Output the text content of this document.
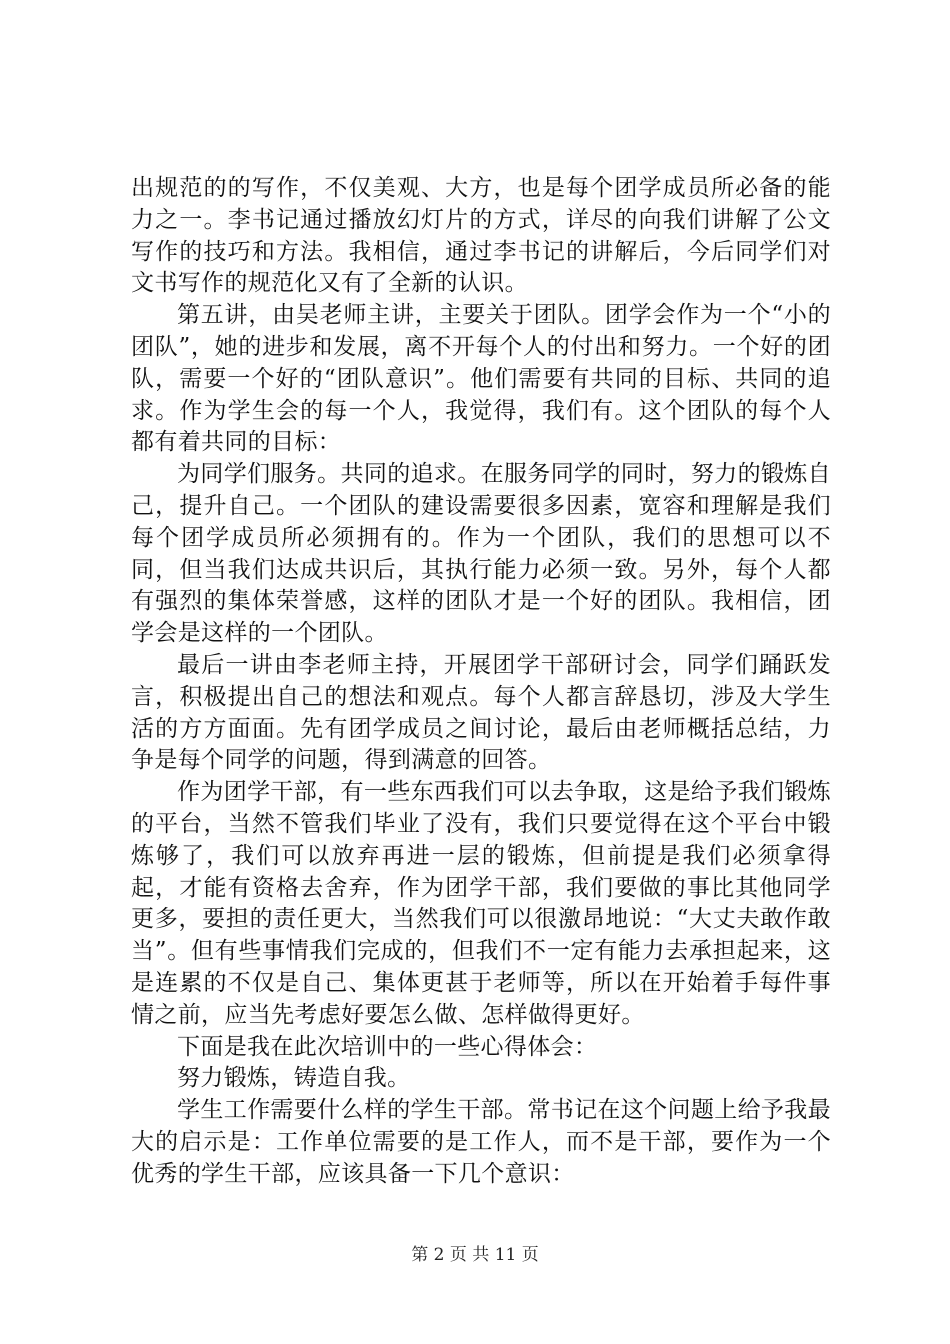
出规范的的写作，不仅美观、大方，也是每个团学成员所必备的能力之一。李书记通过播放幻灯片的方式，详尽的向我们讲解了公文写作的技巧和方法。我相信，通过李书记的讲解后，今后同学们对文书写作的规范化又有了全新的认识。

第五讲，由吴老师主讲，主要关于团队。团学会作为一个“小的团队”，她的进步和发展，离不开每个人的付出和努力。一个好的团队，需要一个好的“团队意识”。他们需要有共同的目标、共同的追求。作为学生会的每一个人，我觉得，我们有。这个团队的每个人都有着共同的目标：

为同学们服务。共同的追求。在服务同学的同时，努力的锻炼自己，提升自己。一个团队的建设需要很多因素，宽容和理解是我们每个团学成员所必须拥有的。作为一个团队，我们的思想可以不同，但当我们达成共识后，其执行能力必须一致。另外，每个人都有强烈的集体荣誉感，这样的团队才是一个好的团队。我相信，团学会是这样的一个团队。

最后一讲由李老师主持，开展团学干部研讨会，同学们踊跃发言，积极提出自己的想法和观点。每个人都言辞恳切，涉及大学生活的方方面面。先有团学成员之间讨论，最后由老师概括总结，力争是每个同学的问题，得到满意的回答。

作为团学干部，有一些东西我们可以去争取，这是给予我们锻炼的平台，当然不管我们毕业了没有，我们只要觉得在这个平台中锻炼够了，我们可以放弃再进一层的锻炼，但前提是我们必须拿得起，才能有资格去舍弃，作为团学干部，我们要做的事比其他同学更多，要担的责任更大，当然我们可以很激昂地说：“大丈夫敢作敢当”。但有些事情我们完成的，但我们不一定有能力去承担起来，这是连累的不仅是自己、集体更甚于老师等，所以在开始着手每件事情之前，应当先考虑好要怎么做、怎样做得更好。

下面是我在此次培训中的一些心得体会：

努力锻炼，铸造自我。

学生工作需要什么样的学生干部。常书记在这个问题上给予我最大的启示是：工作单位需要的是工作人，而不是干部，要作为一个优秀的学生干部，应该具备一下几个意识：

第 2 页 共 11 页
